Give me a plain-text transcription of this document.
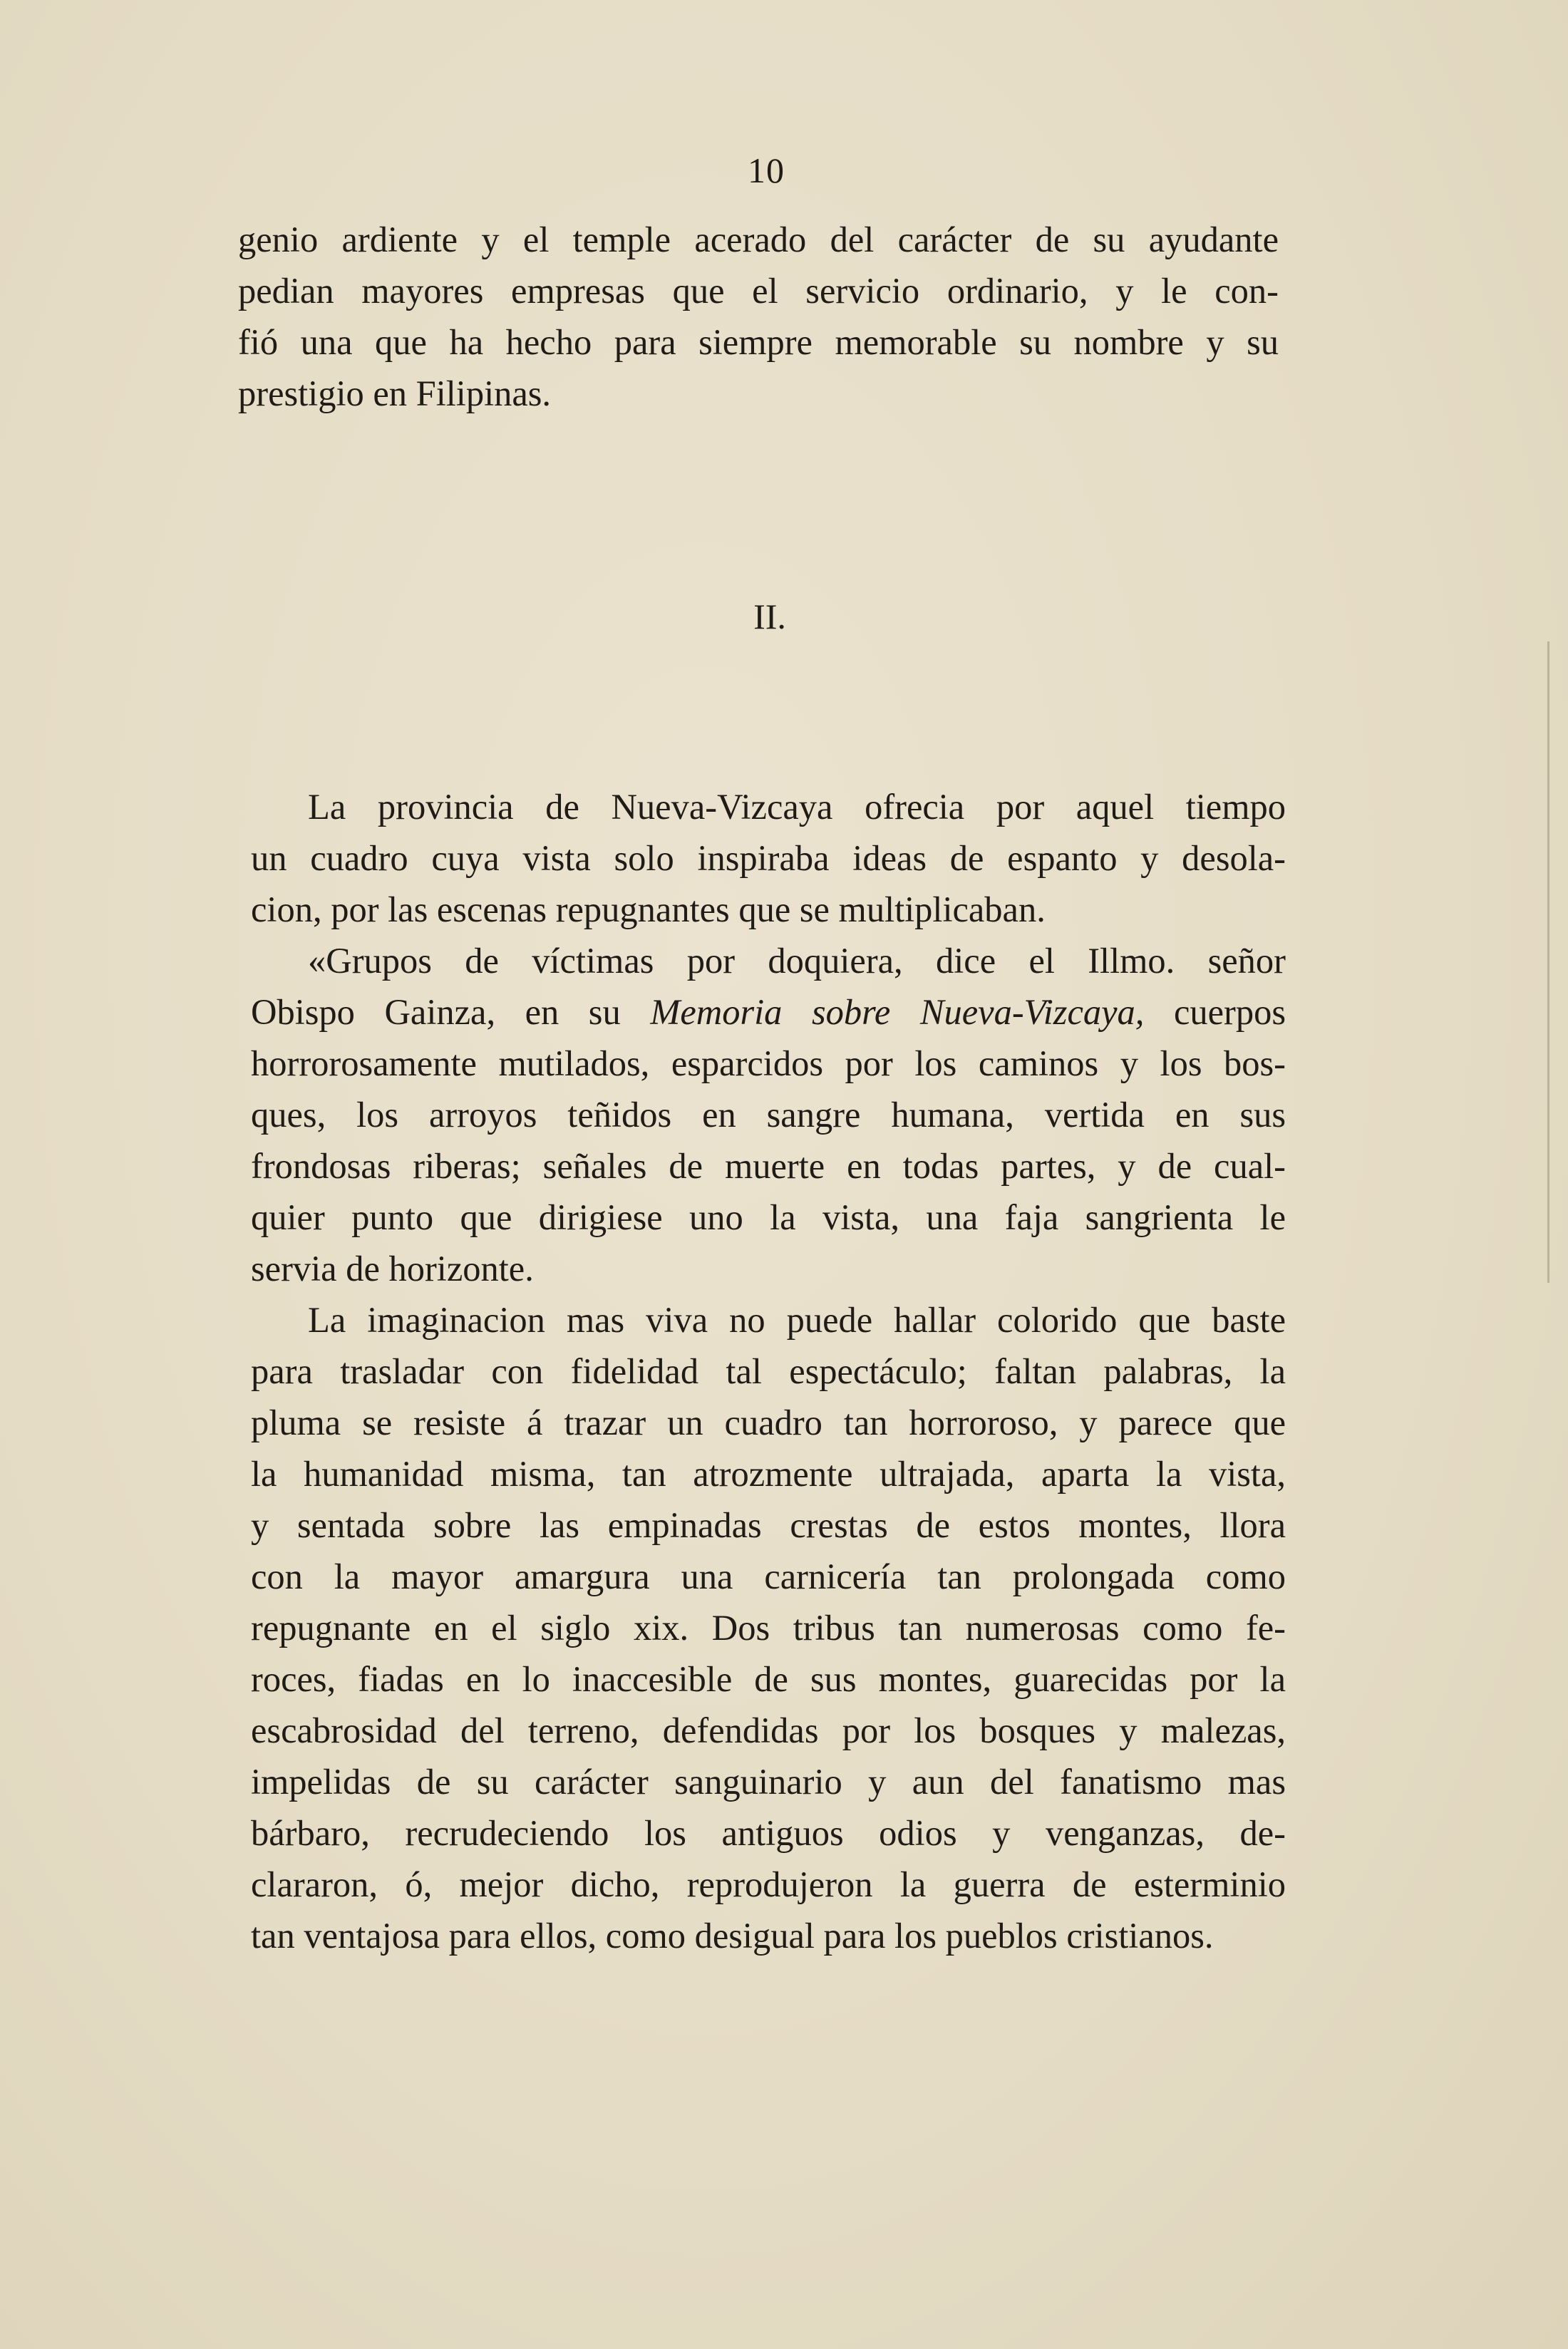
10
genio ardiente y el temple acerado del carácter de su ayudante
pedian mayores empresas que el servicio ordinario, y le con-
fió una que ha hecho para siempre memorable su nombre y su
prestigio en Filipinas.
II.
La provincia de Nueva-Vizcaya ofrecia por aquel tiempo
un cuadro cuya vista solo inspiraba ideas de espanto y desola-
cion, por las escenas repugnantes que se multiplicaban.
«Grupos de víctimas por doquiera, dice el Illmo. señor
Obispo Gainza, en su Memoria sobre Nueva-Vizcaya, cuerpos
horrorosamente mutilados, esparcidos por los caminos y los bos-
ques, los arroyos teñidos en sangre humana, vertida en sus
frondosas riberas; señales de muerte en todas partes, y de cual-
quier punto que dirigiese uno la vista, una faja sangrienta le
servia de horizonte.
La imaginacion mas viva no puede hallar colorido que baste
para trasladar con fidelidad tal espectáculo; faltan palabras, la
pluma se resiste á trazar un cuadro tan horroroso, y parece que
la humanidad misma, tan atrozmente ultrajada, aparta la vista,
y sentada sobre las empinadas crestas de estos montes, llora
con la mayor amargura una carnicería tan prolongada como
repugnante en el siglo xix. Dos tribus tan numerosas como fe-
roces, fiadas en lo inaccesible de sus montes, guarecidas por la
escabrosidad del terreno, defendidas por los bosques y malezas,
impelidas de su carácter sanguinario y aun del fanatismo mas
bárbaro, recrudeciendo los antiguos odios y venganzas, de-
clararon, ó, mejor dicho, reprodujeron la guerra de esterminio
tan ventajosa para ellos, como desigual para los pueblos cristianos.
